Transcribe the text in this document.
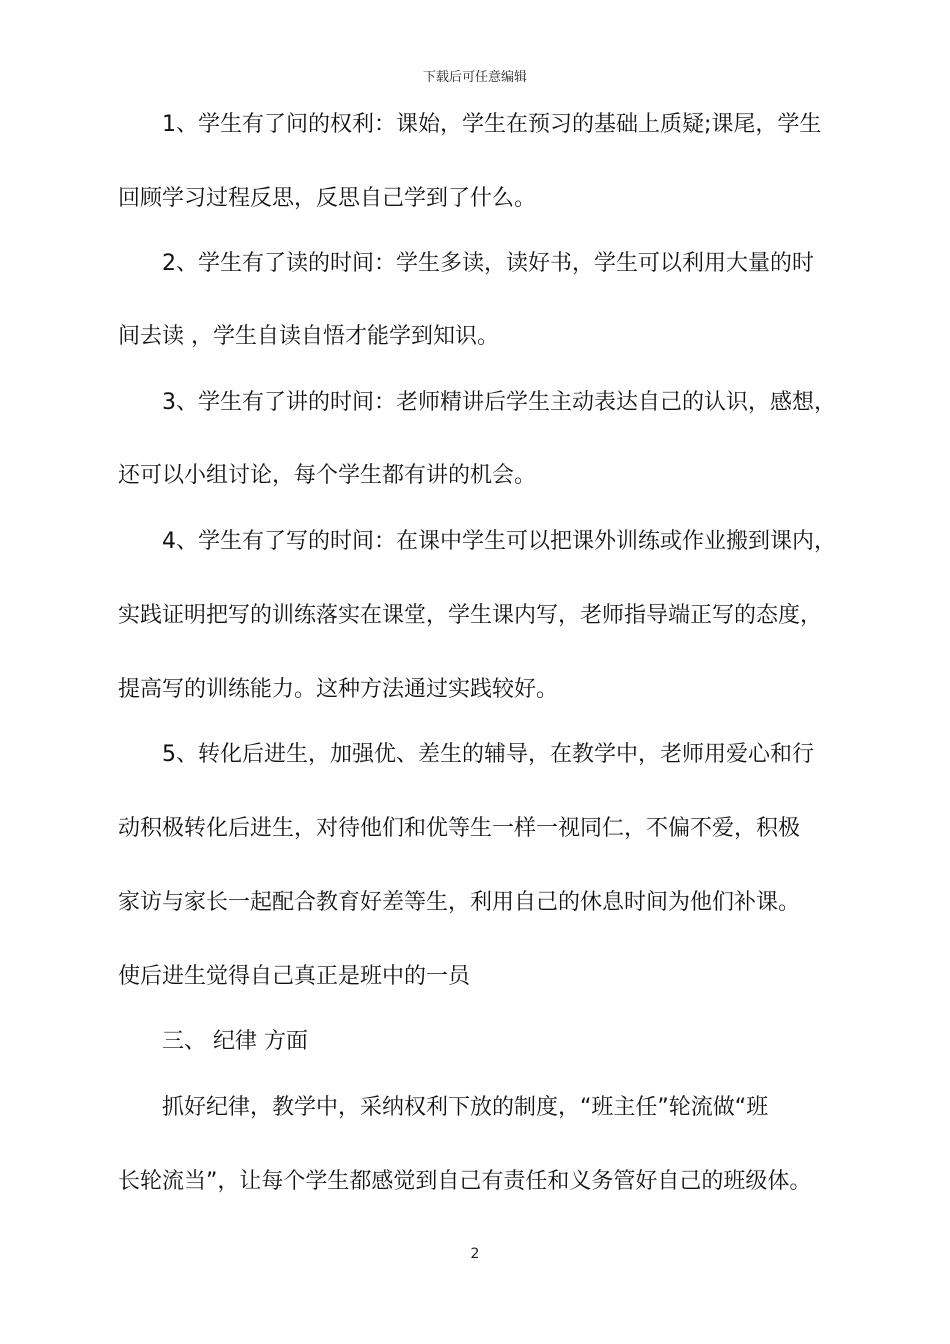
下载后可任意编辑
1、学生有了问的权利：课始，学生在预习的基础上质疑;课尾，学生
回顾学习过程反思，反思自己学到了什么。
2、学生有了读的时间：学生多读，读好书，学生可以利用大量的时
间去读 ，学生自读自悟才能学到知识。
3、学生有了讲的时间：老师精讲后学生主动表达自己的认识，感想，
还可以小组讨论，每个学生都有讲的机会。
4、学生有了写的时间：在课中学生可以把课外训练或作业搬到课内，
实践证明把写的训练落实在课堂，学生课内写，老师指导端正写的态度，
提高写的训练能力。这种方法通过实践较好。
5、转化后进生，加强优、差生的辅导，在教学中，老师用爱心和行
动积极转化后进生，对待他们和优等生一样一视同仁，不偏不爱，积极
家访与家长一起配合教育好差等生，利用自己的休息时间为他们补课。
使后进生觉得自己真正是班中的一员
三、 纪律 方面
抓好纪律，教学中，采纳权利下放的制度，“班主任”轮流做“班
长轮流当”，让每个学生都感觉到自己有责任和义务管好自己的班级体。
2
